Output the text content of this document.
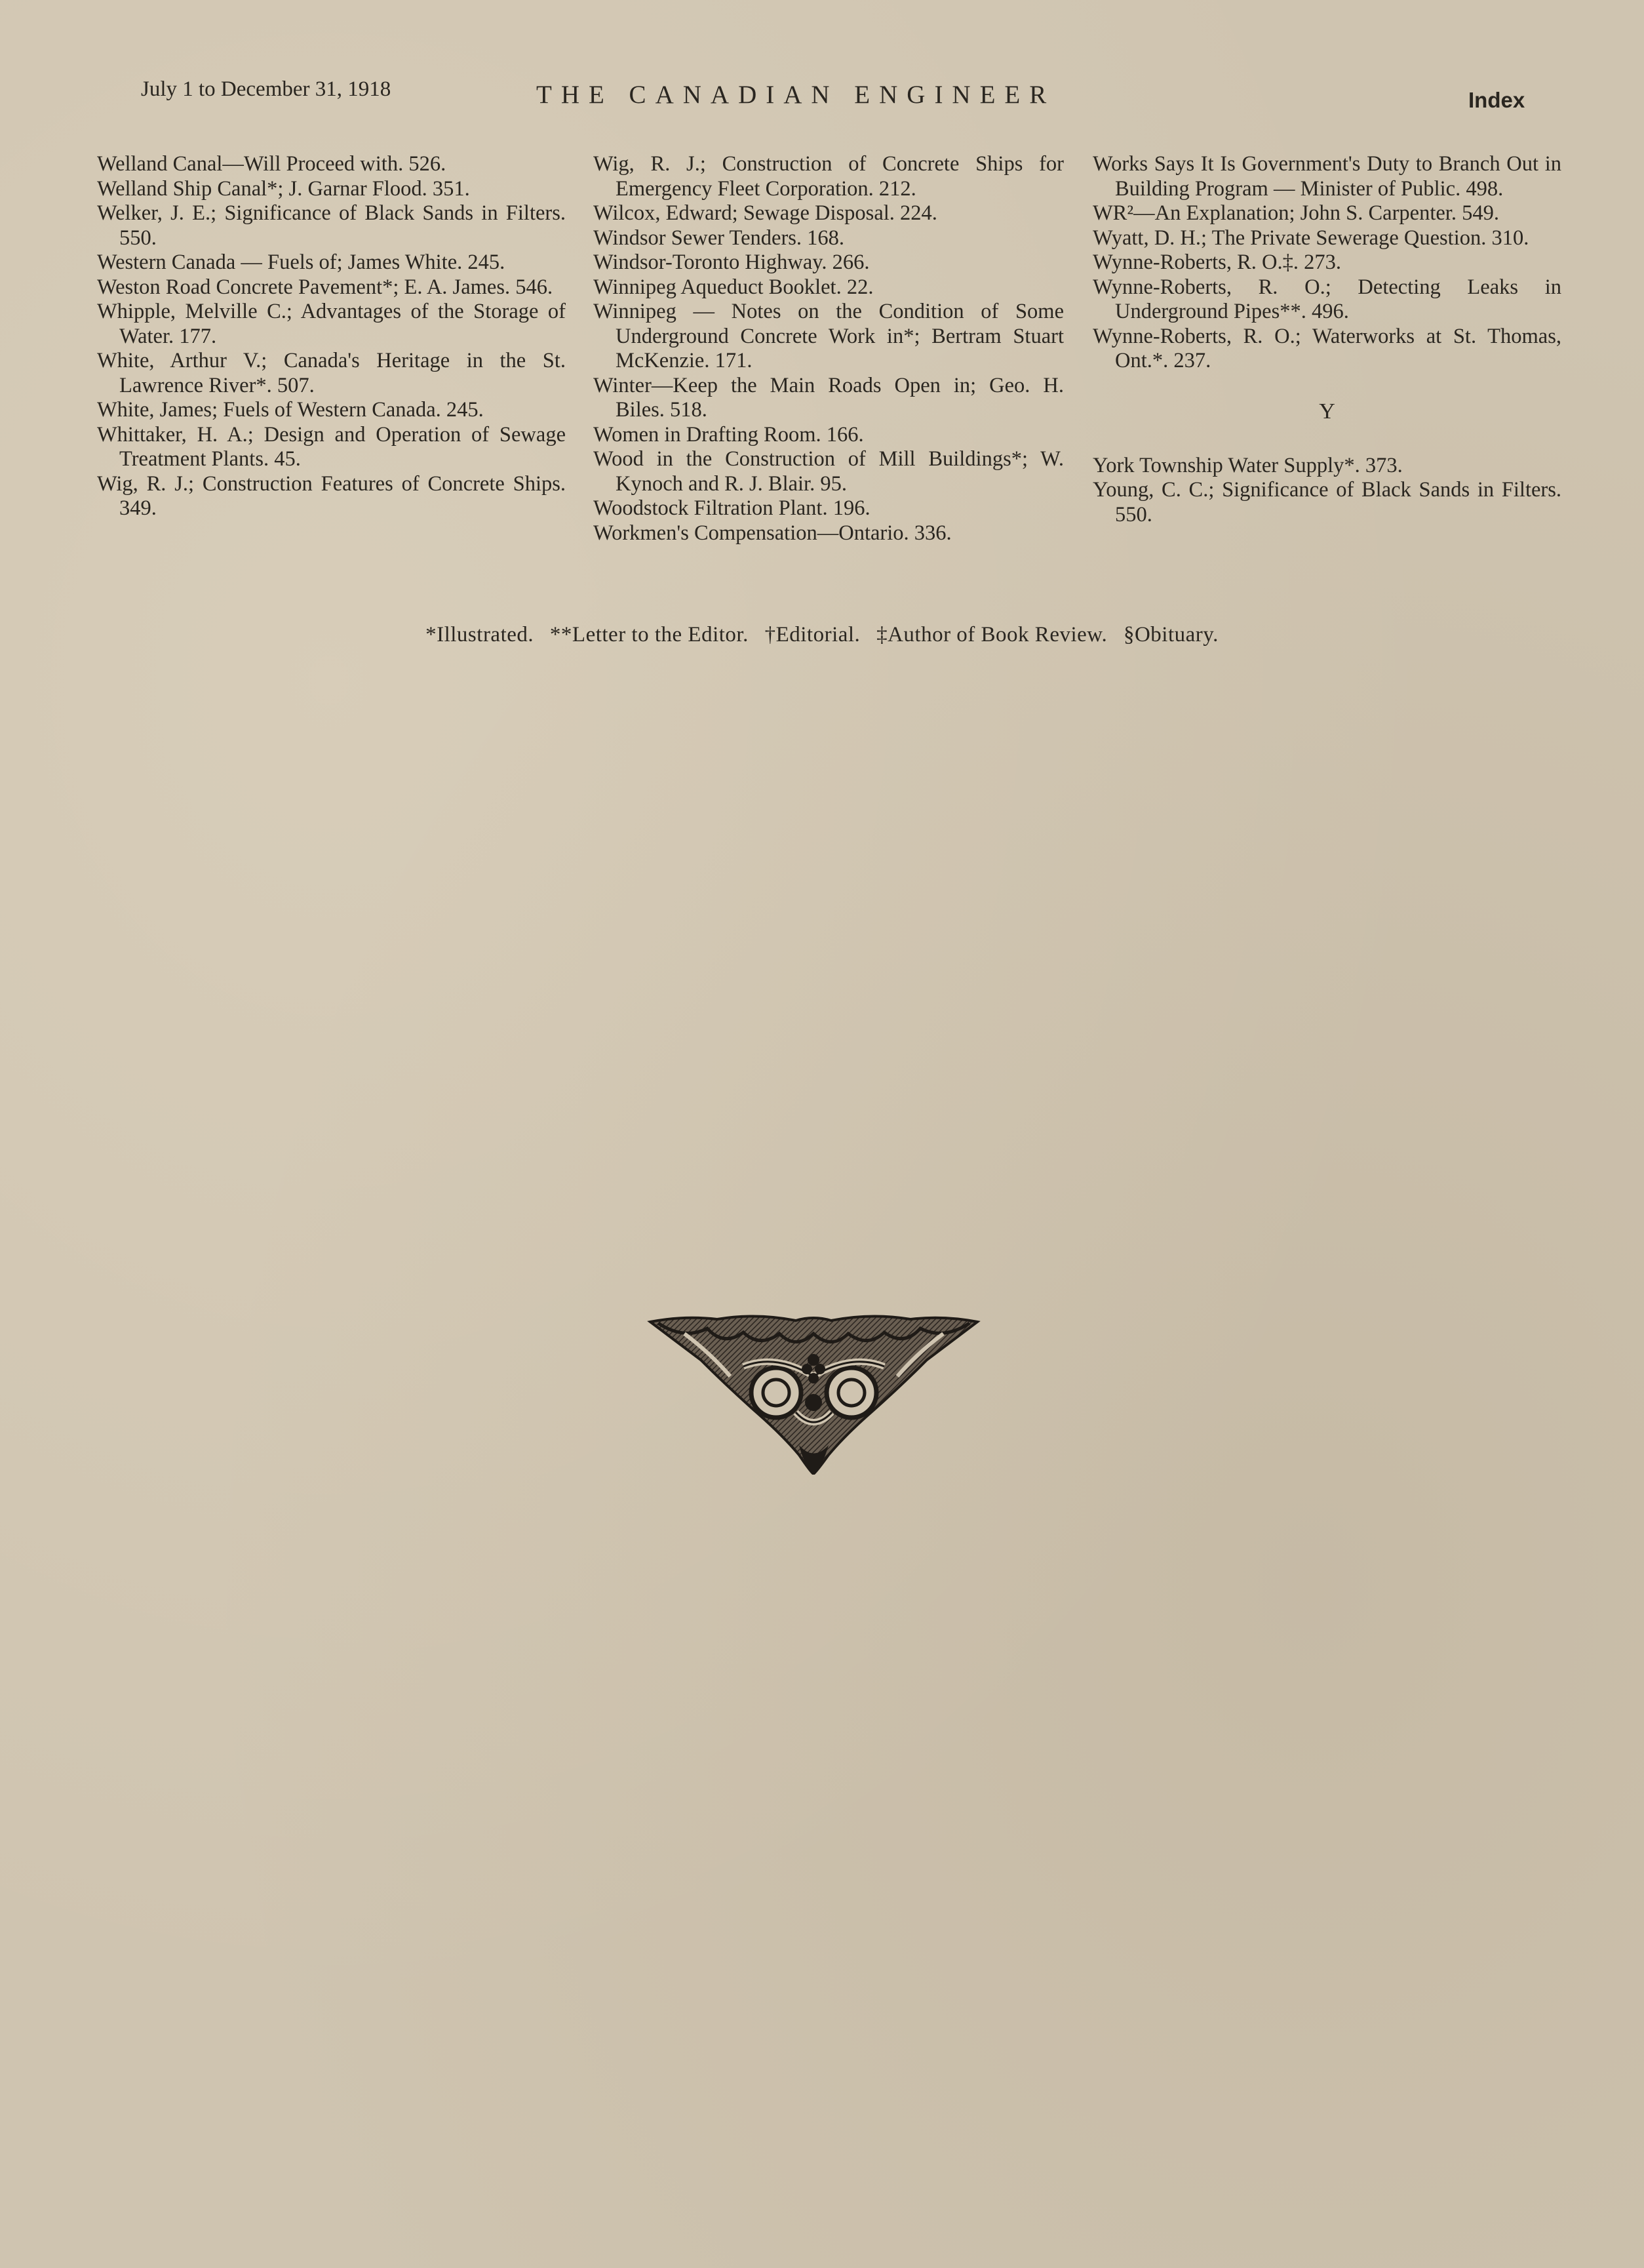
July 1 to December 31, 1918	THE CANADIAN ENGINEER	Index
Welland Canal—Will Proceed with. 526.
Welland Ship Canal*; J. Garnar Flood. 351.
Welker, J. E.; Significance of Black Sands in Filters. 550.
Western Canada — Fuels of; James White. 245.
Weston Road Concrete Pavement*; E. A. James. 546.
Whipple, Melville C.; Advantages of the Storage of Water. 177.
White, Arthur V.; Canada's Heritage in the St. Lawrence River*. 507.
White, James; Fuels of Western Canada. 245.
Whittaker, H. A.; Design and Operation of Sewage Treatment Plants. 45.
Wig, R. J.; Construction Features of Concrete Ships. 349.
Wig, R. J.; Construction of Concrete Ships for Emergency Fleet Corporation. 212.
Wilcox, Edward; Sewage Disposal. 224.
Windsor Sewer Tenders. 168.
Windsor-Toronto Highway. 266.
Winnipeg Aqueduct Booklet. 22.
Winnipeg — Notes on the Condition of Some Underground Concrete Work in*; Bertram Stuart McKenzie. 171.
Winter—Keep the Main Roads Open in; Geo. H. Biles. 518.
Women in Drafting Room. 166.
Wood in the Construction of Mill Buildings*; W. Kynoch and R. J. Blair. 95.
Woodstock Filtration Plant. 196.
Workmen's Compensation—Ontario. 336.
Works Says It Is Government's Duty to Branch Out in Building Program — Minister of Public. 498.
WR²—An Explanation; John S. Carpenter. 549.
Wyatt, D. H.; The Private Sewerage Question. 310.
Wynne-Roberts, R. O.‡. 273.
Wynne-Roberts, R. O.; Detecting Leaks in Underground Pipes**. 496.
Wynne-Roberts, R. O.; Waterworks at St. Thomas, Ont.*. 237.
Y
York Township Water Supply*. 373.
Young, C. C.; Significance of Black Sands in Filters. 550.
*Illustrated. **Letter to the Editor. †Editorial. ‡Author of Book Review. §Obituary.
